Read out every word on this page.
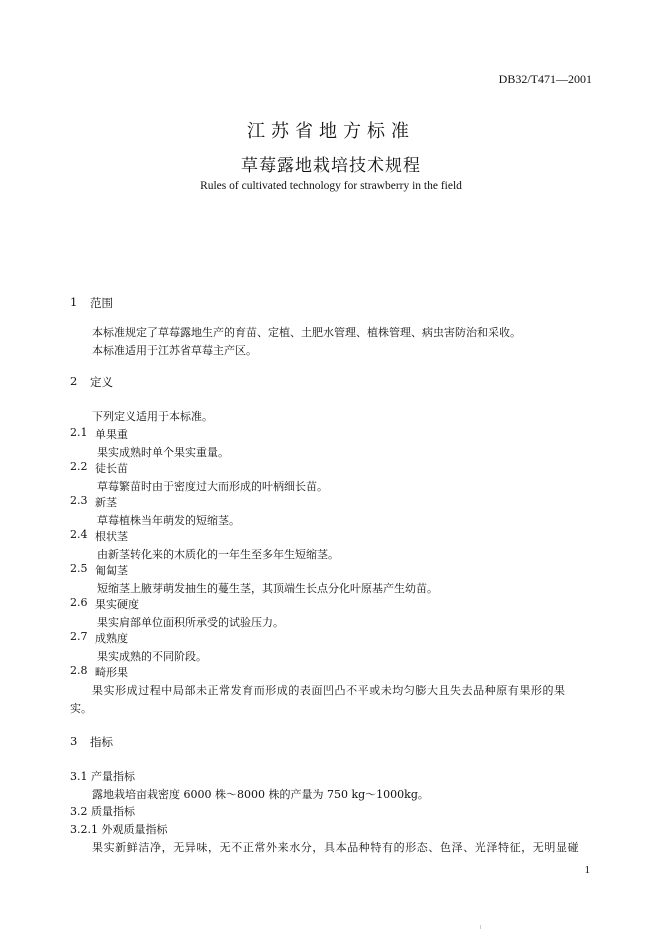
DB32/T471—2001
江苏省地方标准
草莓露地栽培技术规程
Rules of cultivated technology for strawberry in the field
1 范围
本标准规定了草莓露地生产的育苗、定植、土肥水管理、植株管理、病虫害防治和采收。
本标准适用于江苏省草莓主产区。
2 定义
下列定义适用于本标准。
2.1 单果重
果实成熟时单个果实重量。
2.2 徒长苗
草莓繁苗时由于密度过大而形成的叶柄细长苗。
2.3 新茎
草莓植株当年萌发的短缩茎。
2.4 根状茎
由新茎转化来的木质化的一年生至多年生短缩茎。
2.5 匍匐茎
短缩茎上腋芽萌发抽生的蔓生茎，其顶端生长点分化叶原基产生幼苗。
2.6 果实硬度
果实肩部单位面积所承受的试验压力。
2.7 成熟度
果实成熟的不同阶段。
2.8 畸形果
果实形成过程中局部未正常发育而形成的表面凹凸不平或未均匀膨大且失去品种原有果形的果
实。
3 指标
3.1 产量指标
露地栽培亩栽密度 6000 株～8000 株的产量为 750 kg～1000kg。
3.2 质量指标
3.2.1 外观质量指标
果实新鲜洁净，无异味，无不正常外来水分，具本品种特有的形态、色泽、光泽特征，无明显碰
1
